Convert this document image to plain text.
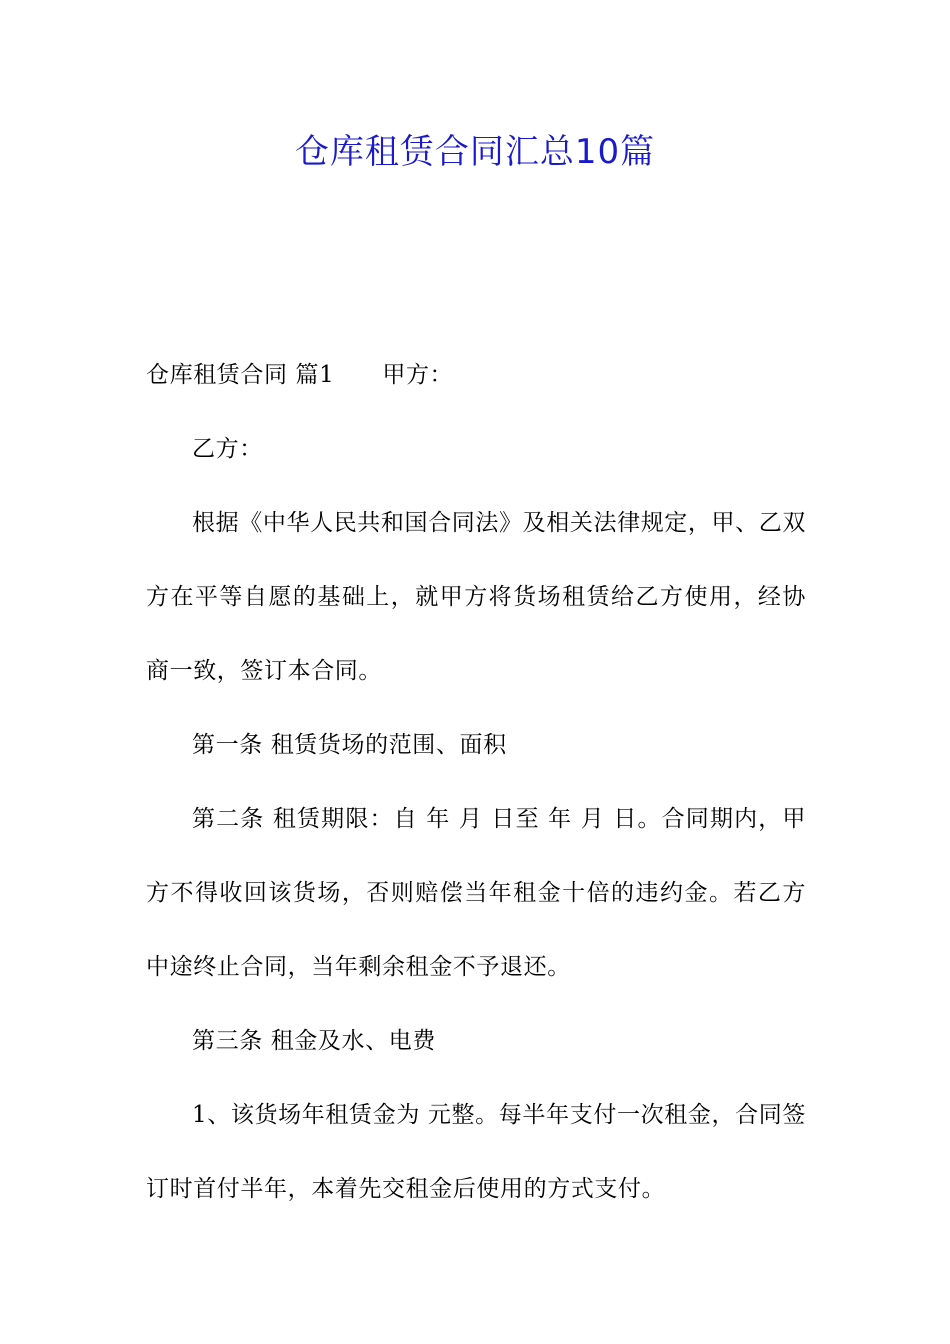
仓库租赁合同汇总10篇

仓库租赁合同 篇1 甲方：

乙方：

根据《中华人民共和国合同法》及相关法律规定，甲、乙双方在平等自愿的基础上，就甲方将货场租赁给乙方使用，经协商一致，签订本合同。

第一条 租赁货场的范围、面积

第二条 租赁期限：自 年 月 日至 年 月 日。合同期内，甲方不得收回该货场，否则赔偿当年租金十倍的违约金。若乙方中途终止合同，当年剩余租金不予退还。

第三条 租金及水、电费

1、该货场年租赁金为 元整。每半年支付一次租金，合同签订时首付半年，本着先交租金后使用的方式支付。
